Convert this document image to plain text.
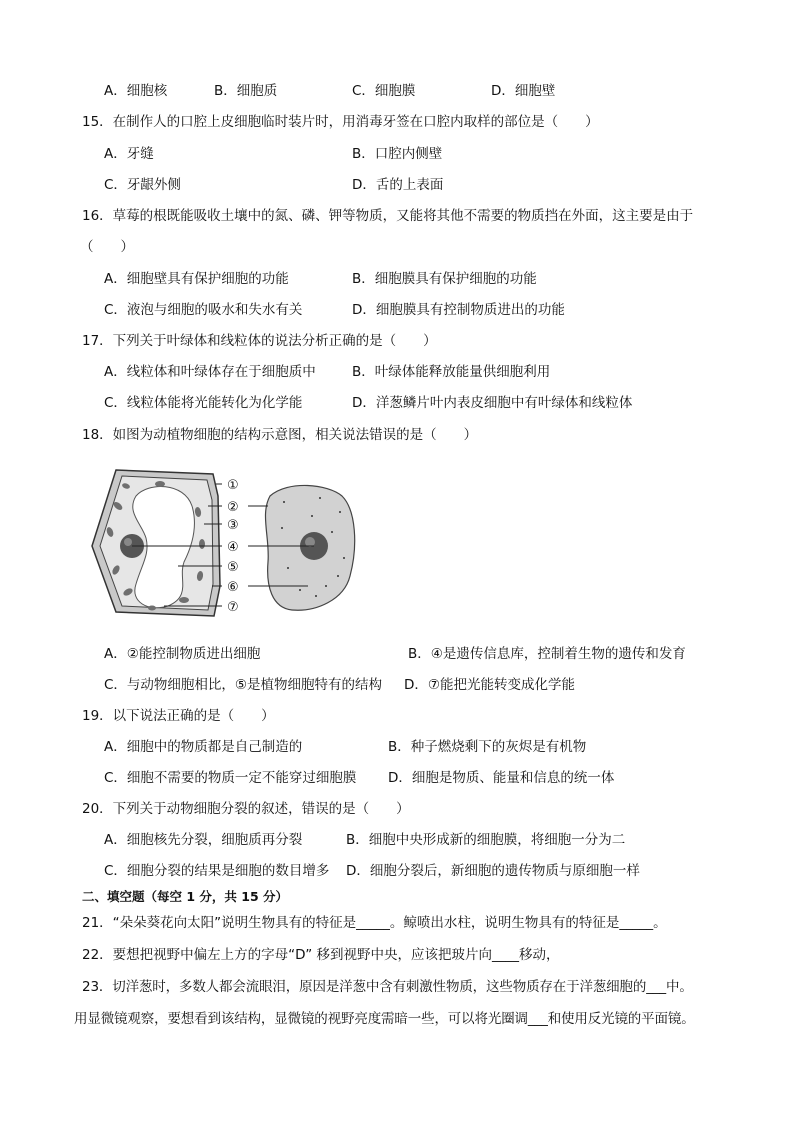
A．细胞核	B．细胞质	C．细胞膜	D．细胞壁
15．在制作人的口腔上皮细胞临时装片时，用消毒牙签在口腔内取样的部位是（　　）
A．牙缝	B．口腔内侧壁
C．牙龈外侧	D．舌的上表面
16．草莓的根既能吸收土壤中的氮、磷、钾等物质，又能将其他不需要的物质挡在外面，这主要是由于
（　　）
A．细胞壁具有保护细胞的功能	B．细胞膜具有保护细胞的功能
C．液泡与细胞的吸水和失水有关	D．细胞膜具有控制物质进出的功能
17．下列关于叶绿体和线粒体的说法分析正确的是（　　）
A．线粒体和叶绿体存在于细胞质中	B．叶绿体能释放能量供细胞利用
C．线粒体能将光能转化为化学能	D．洋葱鳞片叶内表皮细胞中有叶绿体和线粒体
18．如图为动植物细胞的结构示意图，相关说法错误的是（　　）
①
②
③
④
⑤
⑥
⑦
A．②能控制物质进出细胞	B．④是遗传信息库，控制着生物的遗传和发育
C．与动物细胞相比，⑤是植物细胞特有的结构 D．⑦能把光能转变成化学能
19．以下说法正确的是（　　）
A．细胞中的物质都是自己制造的	B．种子燃烧剩下的灰烬是有机物
C．细胞不需要的物质一定不能穿过细胞膜 D．细胞是物质、能量和信息的统一体
20．下列关于动物细胞分裂的叙述，错误的是（　　）
A．细胞核先分裂，细胞质再分裂	B．细胞中央形成新的细胞膜，将细胞一分为二
C．细胞分裂的结果是细胞的数目增多 D．细胞分裂后，新细胞的遗传物质与原细胞一样
二、填空题（每空 1 分，共 15 分）
21．“朵朵葵花向太阳”说明生物具有的特征是_____。鲸喷出水柱，说明生物具有的特征是_____。
22．要想把视野中偏左上方的字母“D” 移到视野中央，应该把玻片向____移动，
23．切洋葱时，多数人都会流眼泪，原因是洋葱中含有刺激性物质，这些物质存在于洋葱细胞的___中。
用显微镜观察，要想看到该结构，显微镜的视野亮度需暗一些，可以将光圈调___和使用反光镜的平面镜。
